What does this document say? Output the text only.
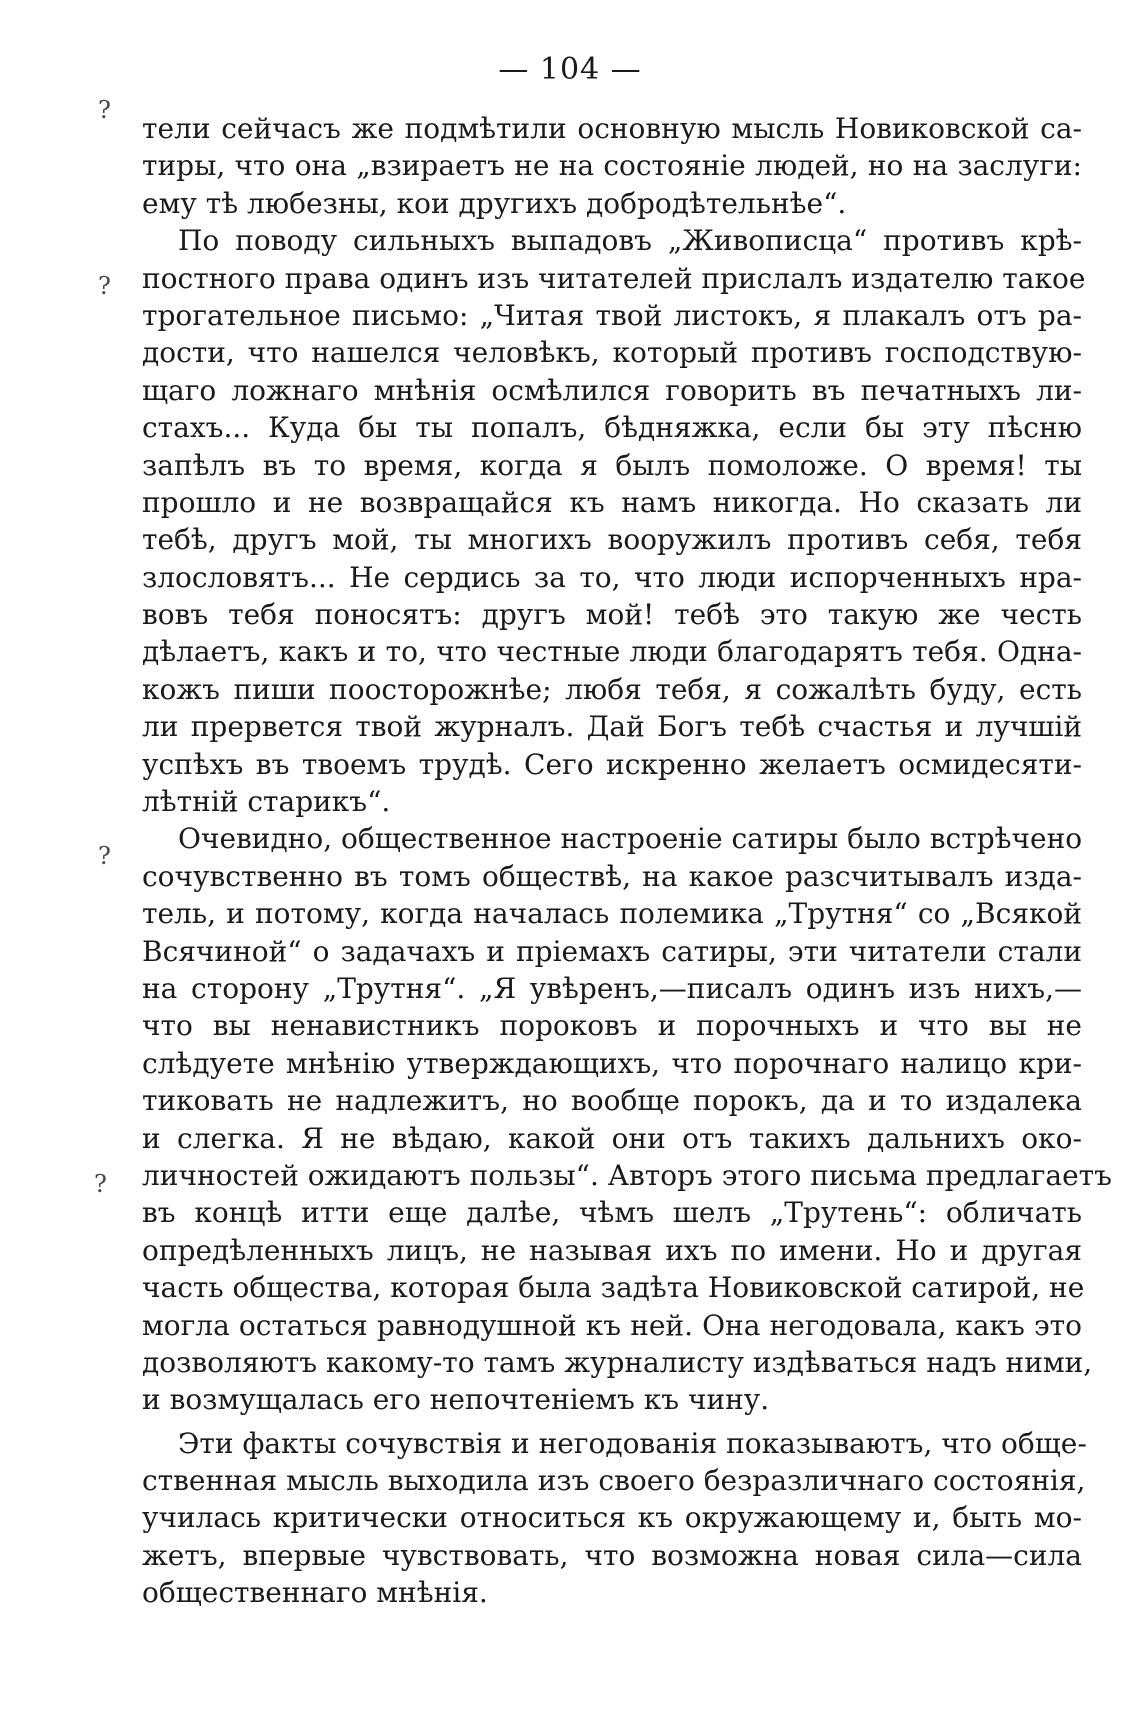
— 104 —
?
?
?
?
тели сейчасъ же подмѣтили основную мысль Новиковской са-
тиры, что она „взираетъ не на состояніе людей, но на заслуги:
ему тѣ любезны, кои другихъ добродѣтельнѣе“.
По поводу сильныхъ выпадовъ „Живописца“ противъ крѣ-
постного права одинъ изъ читателей прислалъ издателю такое
трогательное письмо: „Читая твой листокъ, я плакалъ отъ ра-
дости, что нашелся человѣкъ, который противъ господствую-
щаго ложнаго мнѣнія осмѣлился говорить въ печатныхъ ли-
стахъ... Куда бы ты попалъ, бѣдняжка, если бы эту пѣсню
запѣлъ въ то время, когда я былъ помоложе. О время! ты
прошло и не возвращайся къ намъ никогда. Но сказать ли
тебѣ, другъ мой, ты многихъ вооружилъ противъ себя, тебя
злословятъ... Не сердись за то, что люди испорченныхъ нра-
вовъ тебя поносятъ: другъ мой! тебѣ это такую же честь
дѣлаетъ, какъ и то, что честные люди благодарятъ тебя. Одна-
кожъ пиши поосторожнѣе; любя тебя, я сожалѣть буду, есть
ли прервется твой журналъ. Дай Богъ тебѣ счастья и лучшій
успѣхъ въ твоемъ трудѣ. Сего искренно желаетъ осмидесяти-
лѣтній старикъ“.
Очевидно, общественное настроеніе сатиры было встрѣчено
сочувственно въ томъ обществѣ, на какое разсчитывалъ изда-
тель, и потому, когда началась полемика „Трутня“ со „Всякой
Всячиной“ о задачахъ и пріемахъ сатиры, эти читатели стали
на сторону „Трутня“. „Я увѣренъ,—писалъ одинъ изъ нихъ,—
что вы ненавистникъ пороковъ и порочныхъ и что вы не
слѣдуете мнѣнію утверждающихъ, что порочнаго налицо кри-
тиковать не надлежитъ, но вообще порокъ, да и то издалека
и слегка. Я не вѣдаю, какой они отъ такихъ дальнихъ око-
личностей ожидаютъ пользы“. Авторъ этого письма предлагаетъ
въ концѣ итти еще далѣе, чѣмъ шелъ „Трутень“: обличать
опредѣленныхъ лицъ, не называя ихъ по имени. Но и другая
часть общества, которая была задѣта Новиковской сатирой, не
могла остаться равнодушной къ ней. Она негодовала, какъ это
дозволяютъ какому-то тамъ журналисту издѣваться надъ ними,
и возмущалась его непочтеніемъ къ чину.
Эти факты сочувствія и негодованія показываютъ, что обще-
ственная мысль выходила изъ своего безразличнаго состоянія,
училась критически относиться къ окружающему и, быть мо-
жетъ, впервые чувствовать, что возможна новая сила—сила
общественнаго мнѣнія.
